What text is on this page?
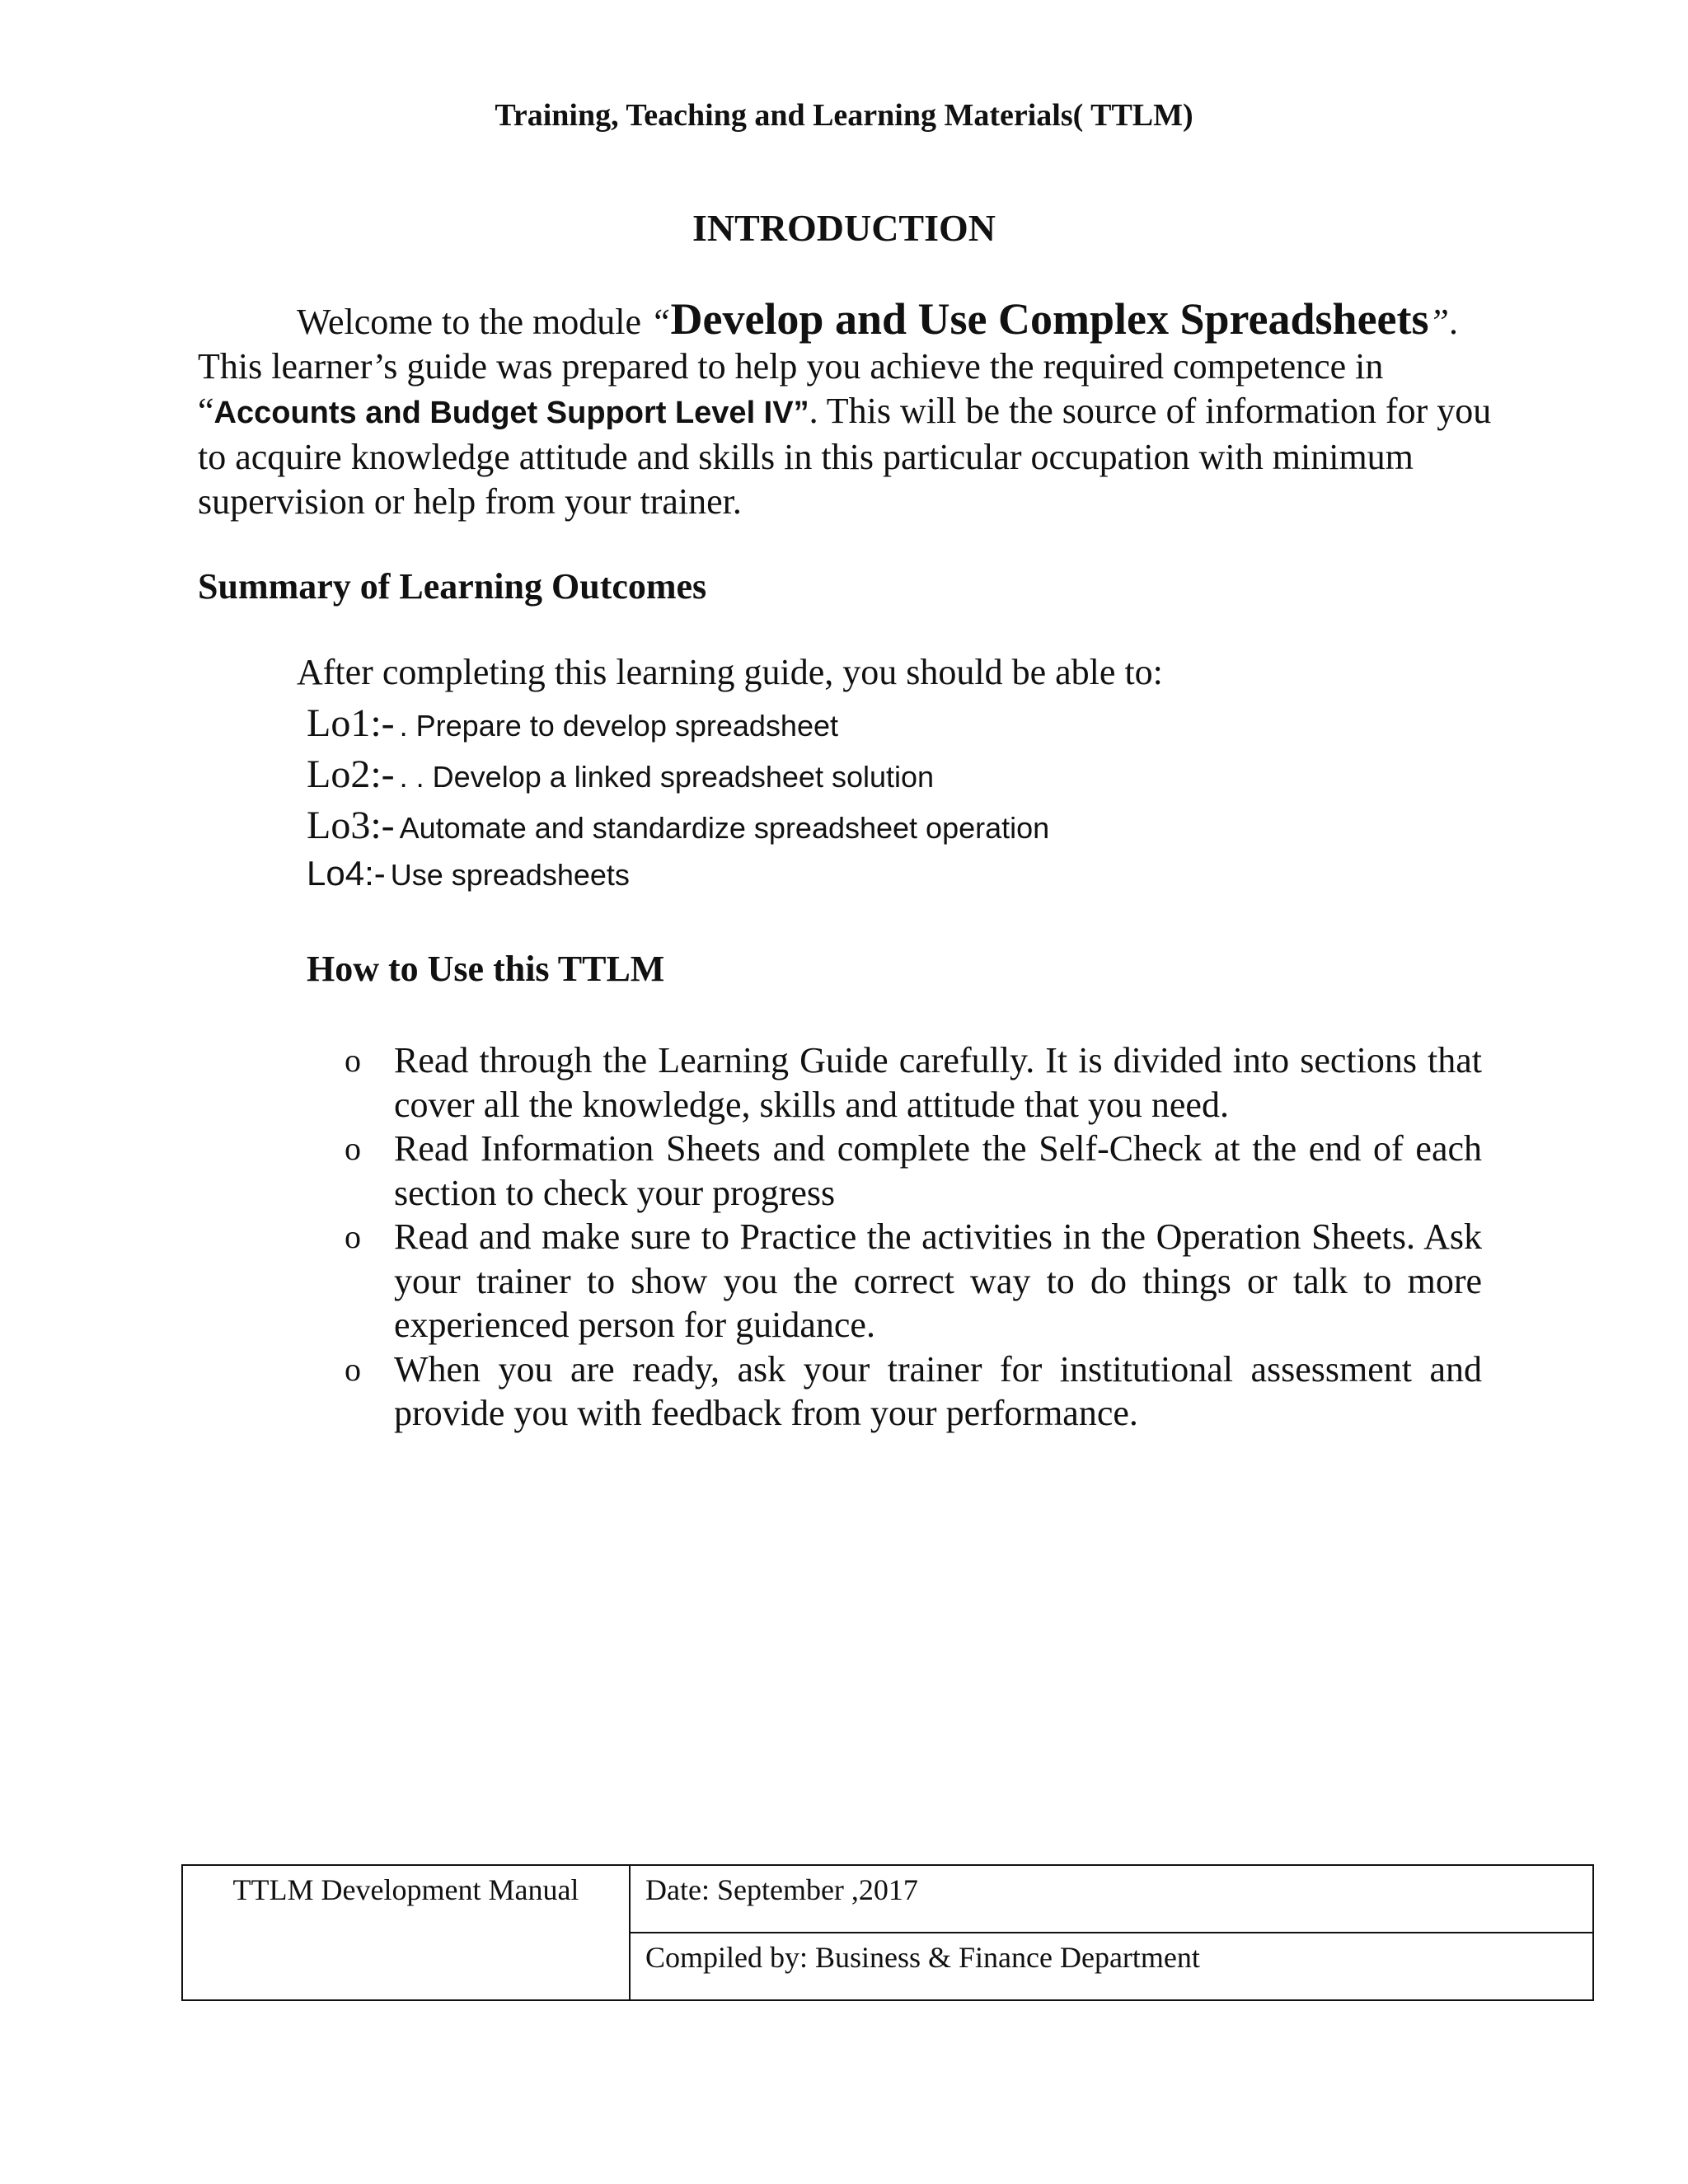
Training, Teaching and Learning Materials( TTLM)
INTRODUCTION
Welcome to the module “Develop and Use Complex Spreadsheets”.
This learner’s guide was prepared to help you achieve the required competence in “Accounts and Budget Support Level IV”. This will be the source of information for you to acquire knowledge attitude and skills in this particular occupation with minimum supervision or help from your trainer.
Summary of Learning Outcomes
After completing this learning guide, you should be able to:
Lo1:- . Prepare to develop spreadsheet
Lo2:- . . Develop a linked spreadsheet solution
Lo3:- Automate and standardize spreadsheet operation
Lo4:- Use spreadsheets
How to Use this TTLM
o Read through the Learning Guide carefully. It is divided into sections that cover all the knowledge, skills and attitude that you need.
o Read Information Sheets and complete the Self-Check at the end of each section to check your progress
o Read and make sure to Practice the activities in the Operation Sheets. Ask your trainer to show you the correct way to do things or talk to more experienced person for guidance.
o When you are ready, ask your trainer for institutional assessment and provide you with feedback from your performance.
TTLM Development Manual	Date: September ,2017
Compiled by: Business & Finance Department
